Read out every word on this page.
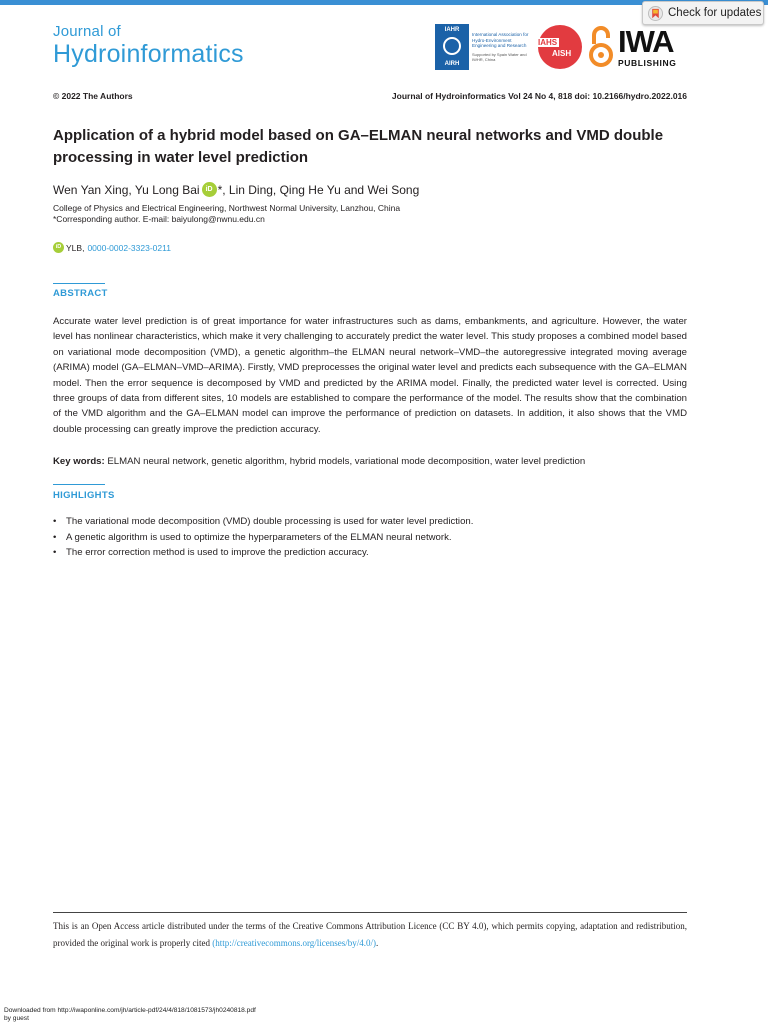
Check for updates
Journal of
Hydroinformatics
IAHR
AIRH
International Association for Hydro-Environment Engineering and Research
Supported by Spain Water and IWHR, China
IAHS
AISH IWA
PUBLISHING
© 2022 The Authors	Journal of Hydroinformatics Vol 24 No 4, 818 doi: 10.2166/hydro.2022.016
Application of a hybrid model based on GA–ELMAN neural networks and VMD double processing in water level prediction
Wen Yan Xing, Yu Long Bai iD *, Lin Ding, Qing He Yu and Wei Song
College of Physics and Electrical Engineering, Northwest Normal University, Lanzhou, China
*Corresponding author. E-mail: baiyulong@nwnu.edu.cn
iD YLB, 0000-0002-3323-0211
ABSTRACT
Accurate water level prediction is of great importance for water infrastructures such as dams, embankments, and agriculture. However, the water level has nonlinear characteristics, which make it very challenging to accurately predict the water level. This study proposes a combined model based on variational mode decomposition (VMD), a genetic algorithm–the ELMAN neural network–VMD–the autoregressive integrated moving average (ARIMA) model (GA–ELMAN–VMD–ARIMA). Firstly, VMD preprocesses the original water level and predicts each subsequence with the GA–ELMAN model. Then the error sequence is decomposed by VMD and predicted by the ARIMA model. Finally, the predicted water level is corrected. Using three groups of data from different sites, 10 models are established to compare the performance of the model. The results show that the combination of the VMD algorithm and the GA–ELMAN model can improve the performance of prediction on datasets. In addition, it also shows that the VMD double processing can greatly improve the prediction accuracy.
Key words: ELMAN neural network, genetic algorithm, hybrid models, variational mode decomposition, water level prediction
HIGHLIGHTS
•	The variational mode decomposition (VMD) double processing is used for water level prediction.
•	A genetic algorithm is used to optimize the hyperparameters of the ELMAN neural network.
•	The error correction method is used to improve the prediction accuracy.
This is an Open Access article distributed under the terms of the Creative Commons Attribution Licence (CC BY 4.0), which permits copying, adaptation and redistribution, provided the original work is properly cited (http://creativecommons.org/licenses/by/4.0/).
Downloaded from http://iwaponline.com/jh/article-pdf/24/4/818/1081573/jh0240818.pdf
by guest
